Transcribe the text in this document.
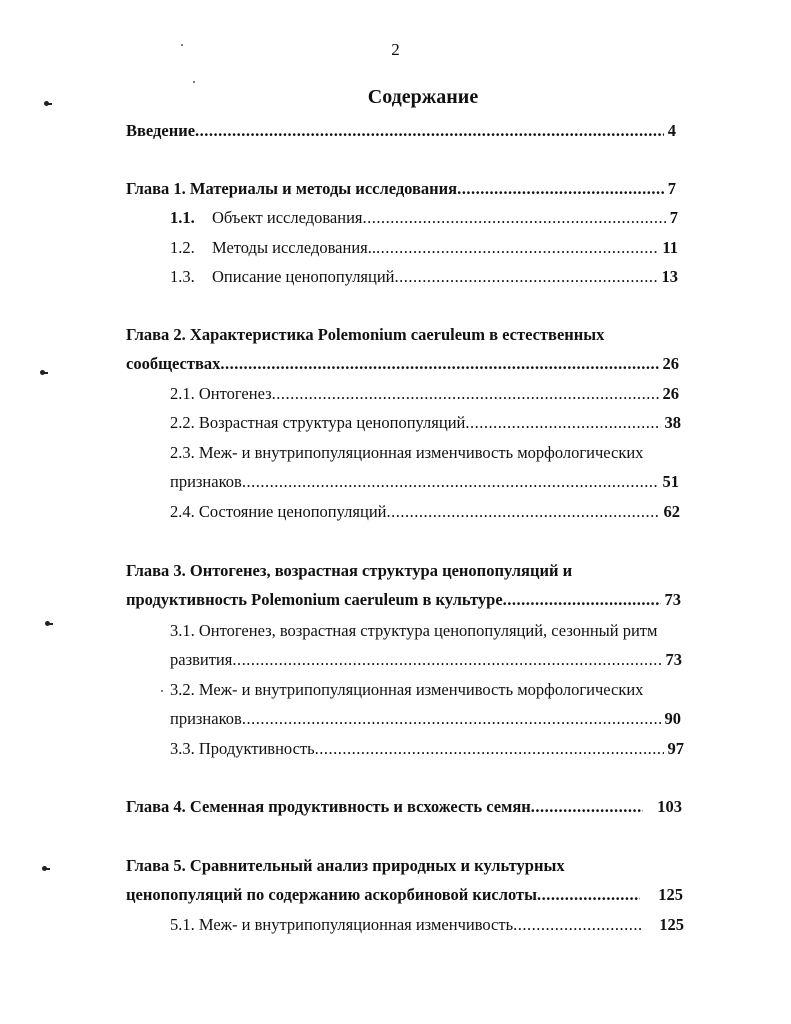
2
Содержание
Введение .....	4
Глава 1. Материалы и методы исследования .....	7
1.1.	Объект исследования .....	7
1.2.	Методы исследования.. .....	11
1.3.	Описание ценопопуляций .....	13
Глава 2. Характеристика Polemonium caeruleum в естественных
сообществах .....	26
2.1. Онтогенез .....	26
2.2. Возрастная структура ценопопуляций .....	38
2.3. Меж- и внутрипопуляционная изменчивость морфологических
признаков .....	51
2.4. Состояние ценопопуляций .....	62
Глава 3. Онтогенез, возрастная структура ценопопуляций и
продуктивность Polemonium caeruleum в культуре .....	73
3.1. Онтогенез, возрастная структура ценопопуляций, сезонный ритм
развития .....	73
3.2. Меж- и внутрипопуляционная изменчивость морфологических
признаков .....	90
3.3. Продуктивность .....	97
Глава 4. Семенная продуктивность и всхожесть семян .....	103
Глава 5. Сравнительный анализ природных и культурных
ценопопуляций по содержанию аскорбиновой кислоты .....	125
5.1. Меж- и внутрипопуляционная изменчивость .....	125
